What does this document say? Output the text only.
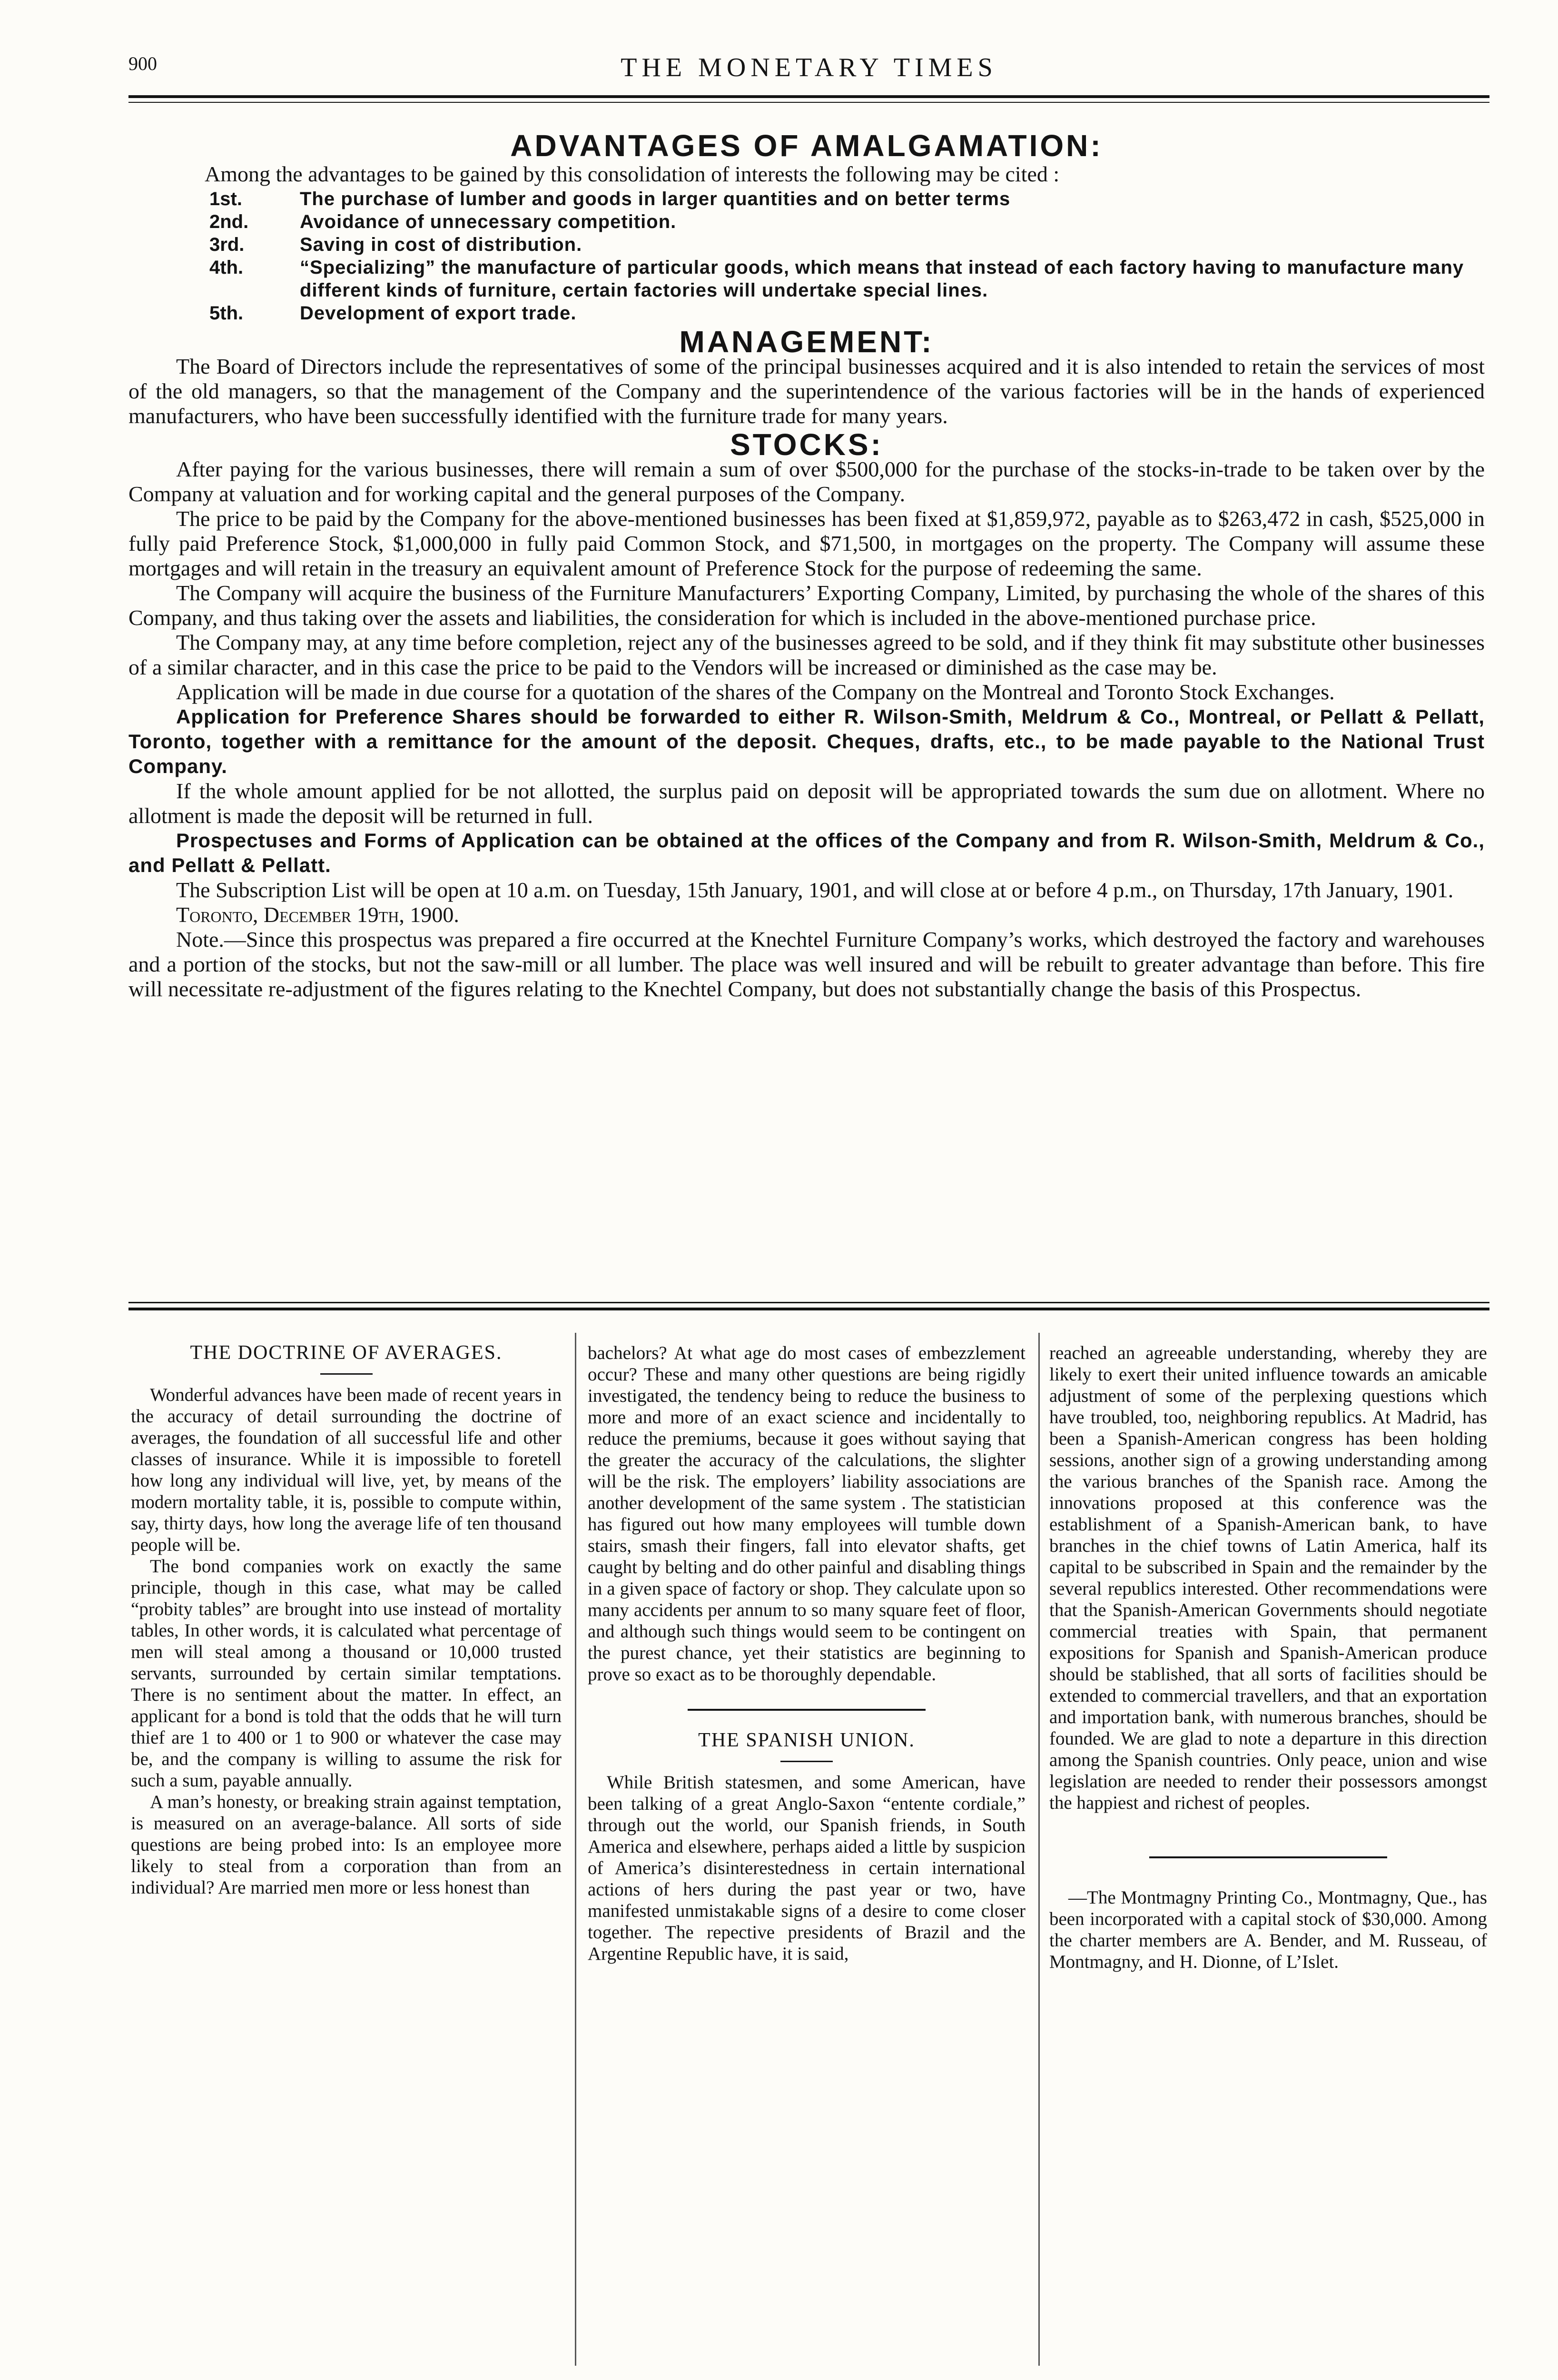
900	THE MONETARY TIMES
ADVANTAGES OF AMALGAMATION:

Among the advantages to be gained by this consolidation of interests the following may be cited :

1st.	The purchase of lumber and goods in larger quantities and on better terms
2nd.	Avoidance of unnecessary competition.
3rd.	Saving in cost of distribution.
4th.	“Specializing” the manufacture of particular goods, which means that instead of each factory having to manufacture many different kinds of furniture, certain factories will undertake special lines.
5th.	Development of export trade.
MANAGEMENT:

The Board of Directors include the representatives of some of the principal businesses acquired and it is also intended to retain the services of most of the old managers, so that the management of the Company and the superintendence of the various factories will be in the hands of experienced manufacturers, who have been successfully identified with the furniture trade for many years.

STOCKS:

After paying for the various businesses, there will remain a sum of over $500,000 for the purchase of the stocks-in-trade to be taken over by the Company at valuation and for working capital and the general purposes of the Company.

The price to be paid by the Company for the above-mentioned businesses has been fixed at $1,859,972, payable as to $263,472 in cash, $525,000 in fully paid Preference Stock, $1,000,000 in fully paid Common Stock, and $71,500, in mortgages on the property. The Company will assume these mortgages and will retain in the treasury an equivalent amount of Preference Stock for the purpose of redeeming the same.

The Company will acquire the business of the Furniture Manufacturers’ Exporting Company, Limited, by purchasing the whole of the shares of this Company, and thus taking over the assets and liabilities, the consideration for which is included in the above-mentioned purchase price.

The Company may, at any time before completion, reject any of the businesses agreed to be sold, and if they think fit may substitute other businesses of a similar character, and in this case the price to be paid to the Vendors will be increased or diminished as the case may be.

Application will be made in due course for a quotation of the shares of the Company on the Montreal and Toronto Stock Exchanges.

Application for Preference Shares should be forwarded to either R. Wilson-Smith, Meldrum & Co., Montreal, or Pellatt & Pellatt, Toronto, together with a remittance for the amount of the deposit. Cheques, drafts, etc., to be made payable to the National Trust Company.

If the whole amount applied for be not allotted, the surplus paid on deposit will be appropriated towards the sum due on allotment. Where no allotment is made the deposit will be returned in full.

Prospectuses and Forms of Application can be obtained at the offices of the Company and from R. Wilson-Smith, Meldrum & Co., and Pellatt & Pellatt.

The Subscription List will be open at 10 a.m. on Tuesday, 15th January, 1901, and will close at or before 4 p.m., on Thursday, 17th January, 1901.

Toronto, December 19th, 1900.

Note.—Since this prospectus was prepared a fire occurred at the Knechtel Furniture Company’s works, which destroyed the factory and warehouses and a portion of the stocks, but not the saw-mill or all lumber. The place was well insured and will be rebuilt to greater advantage than before. This fire will necessitate re-adjustment of the figures relating to the Knechtel Company, but does not substantially change the basis of this Prospectus.

THE DOCTRINE OF AVERAGES.

Wonderful advances have been made of recent years in the accuracy of detail surrounding the doctrine of averages, the foundation of all successful life and other classes of insurance. While it is impossible to foretell how long any individual will live, yet, by means of the modern mortality table, it is, possible to compute within, say, thirty days, how long the average life of ten thousand people will be.

The bond companies work on exactly the same principle, though in this case, what may be called “probity tables” are brought into use instead of mortality tables, In other words, it is calculated what percentage of men will steal among a thousand or 10,000 trusted servants, surrounded by certain similar temptations. There is no sentiment about the matter. In effect, an applicant for a bond is told that the odds that he will turn thief are 1 to 400 or 1 to 900 or whatever the case may be, and the company is willing to assume the risk for such a sum, payable annually.

A man’s honesty, or breaking strain against temptation, is measured on an average-balance. All sorts of side questions are being probed into: Is an employee more likely to steal from a corporation than from an individual? Are married men more or less honest than

bachelors? At what age do most cases of embezzlement occur? These and many other questions are being rigidly investigated, the tendency being to reduce the business to more and more of an exact science and incidentally to reduce the premiums, because it goes without saying that the greater the accuracy of the calculations, the slighter will be the risk. The employers’ liability associations are another development of the same system . The statistician has figured out how many employees will tumble down stairs, smash their fingers, fall into elevator shafts, get caught by belting and do other painful and disabling things in a given space of factory or shop. They calculate upon so many accidents per annum to so many square feet of floor, and although such things would seem to be contingent on the purest chance, yet their statistics are beginning to prove so exact as to be thoroughly dependable.

THE SPANISH UNION.

While British statesmen, and some American, have been talking of a great Anglo-Saxon “entente cordiale,” through out the world, our Spanish friends, in South America and elsewhere, perhaps aided a little by suspicion of America’s disinterestedness in certain international actions of hers during the past year or two, have manifested unmistakable signs of a desire to come closer together. The repective presidents of Brazil and the Argentine Republic have, it is said,

reached an agreeable understanding, whereby they are likely to exert their united influence towards an amicable adjustment of some of the perplexing questions which have troubled, too, neighboring republics. At Madrid, has been a Spanish-American congress has been holding sessions, another sign of a growing understanding among the various branches of the Spanish race. Among the innovations proposed at this conference was the establishment of a Spanish-American bank, to have branches in the chief towns of Latin America, half its capital to be subscribed in Spain and the remainder by the several republics interested. Other recommendations were that the Spanish-American Governments should negotiate commercial treaties with Spain, that permanent expositions for Spanish and Spanish-American produce should be stablished, that all sorts of facilities should be extended to commercial travellers, and that an exportation and importation bank, with numerous branches, should be founded. We are glad to note a departure in this direction among the Spanish countries. Only peace, union and wise legislation are needed to render their possessors amongst the happiest and richest of peoples.

—The Montmagny Printing Co., Montmagny, Que., has been incorporated with a capital stock of $30,000. Among the charter members are A. Bender, and M. Russeau, of Montmagny, and H. Dionne, of L’Islet.
